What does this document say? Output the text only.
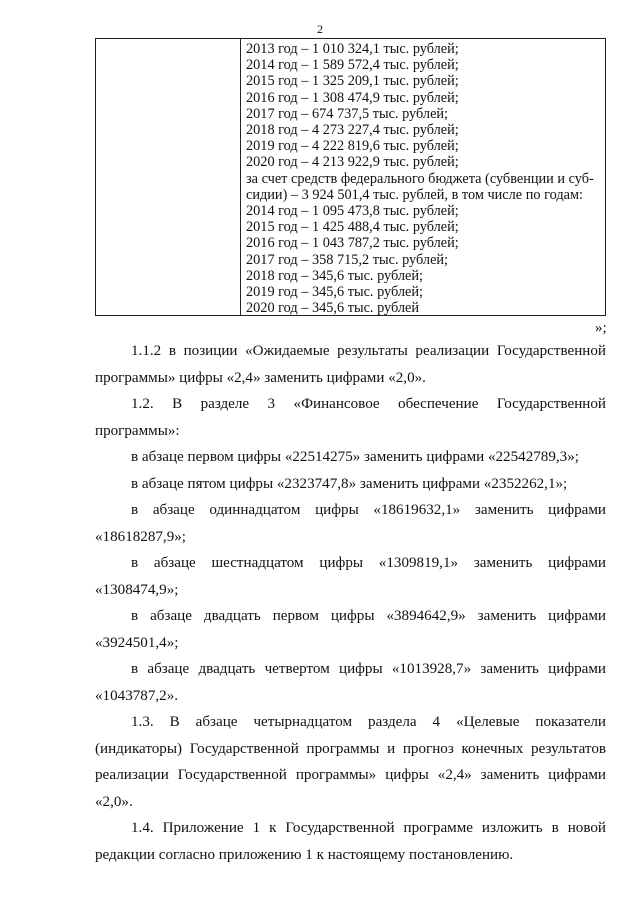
2
2013 год – 1 010 324,1 тыс. рублей;
2014 год – 1 589 572,4 тыс. рублей;
2015 год – 1 325 209,1 тыс. рублей;
2016 год – 1 308 474,9 тыс. рублей;
2017 год – 674 737,5 тыс. рублей;
2018 год – 4 273 227,4 тыс. рублей;
2019 год – 4 222 819,6 тыс. рублей;
2020 год – 4 213 922,9 тыс. рублей;
за счет средств федерального бюджета (субвенции и суб-сидии) – 3 924 501,4 тыс. рублей, в том числе по годам:
2014 год – 1 095 473,8 тыс. рублей;
2015 год – 1 425 488,4 тыс. рублей;
2016 год – 1 043 787,2 тыс. рублей;
2017 год – 358 715,2 тыс. рублей;
2018 год – 345,6 тыс. рублей;
2019 год – 345,6 тыс. рублей;
2020 год – 345,6 тыс. рублей
»;
1.1.2 в позиции «Ожидаемые результаты реализации Государственной программы» цифры «2,4» заменить цифрами «2,0».
1.2. В разделе 3 «Финансовое обеспечение Государственной программы»:
в абзаце первом цифры «22514275» заменить цифрами «22542789,3»;
в абзаце пятом цифры «2323747,8» заменить цифрами «2352262,1»;
в абзаце одиннадцатом цифры «18619632,1» заменить цифрами
«18618287,9»;
в абзаце шестнадцатом цифры «1309819,1» заменить цифрами
«1308474,9»;
в абзаце двадцать первом цифры «3894642,9» заменить цифрами
«3924501,4»;
в абзаце двадцать четвертом цифры «1013928,7» заменить цифрами
«1043787,2».
1.3. В абзаце четырнадцатом раздела 4 «Целевые показатели (индикаторы) Государственной программы и прогноз конечных результатов реализации Государственной программы» цифры «2,4» заменить цифрами «2,0».
1.4. Приложение 1 к Государственной программе изложить в новой редакции согласно приложению 1 к настоящему постановлению.
